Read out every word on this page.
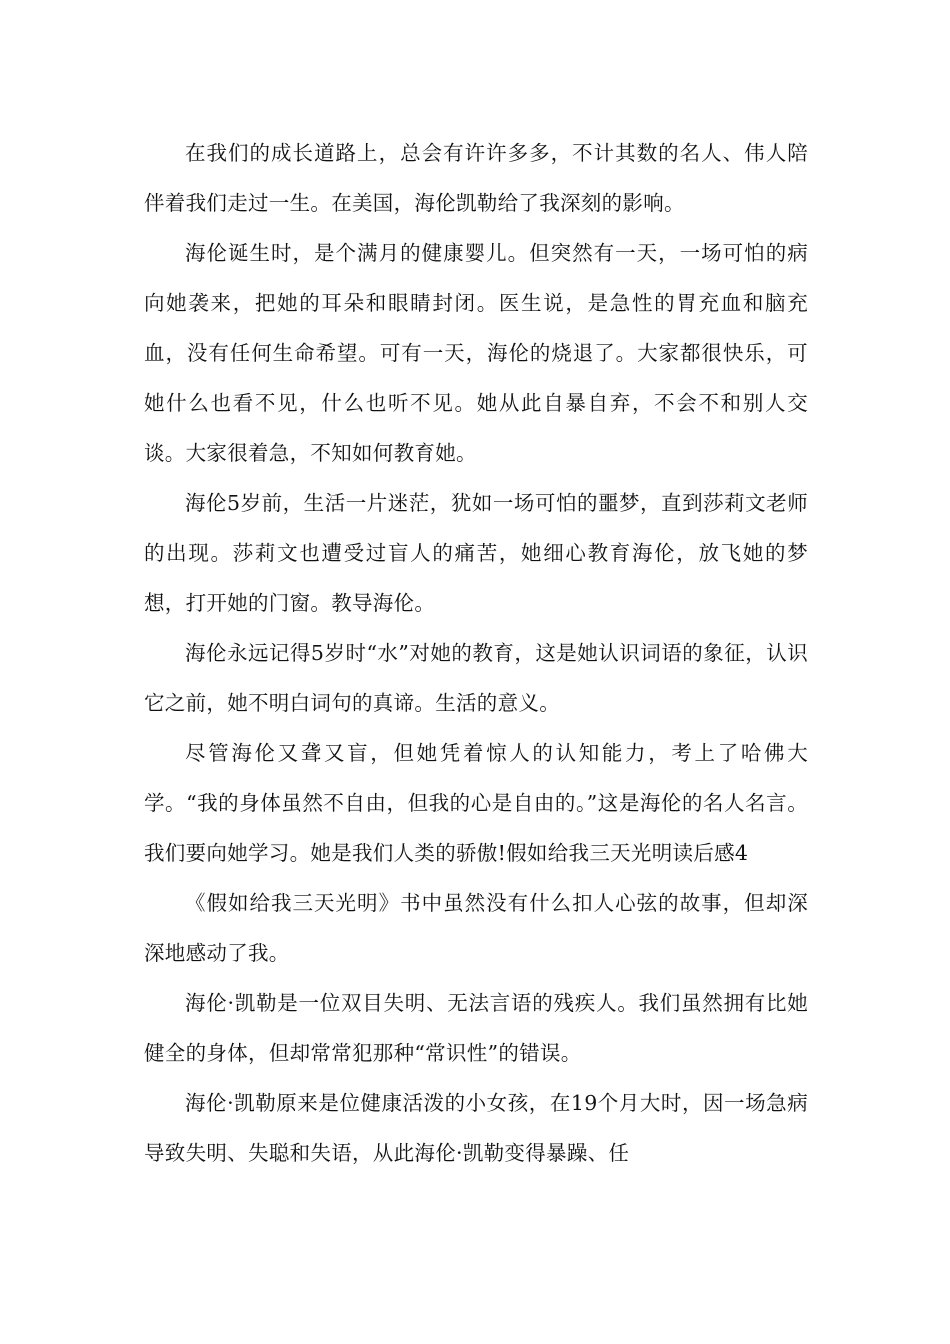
在我们的成长道路上，总会有许许多多，不计其数的名人、伟人陪伴着我们走过一生。在美国，海伦凯勒给了我深刻的影响。

海伦诞生时，是个满月的健康婴儿。但突然有一天，一场可怕的病向她袭来，把她的耳朵和眼睛封闭。医生说，是急性的胃充血和脑充血，没有任何生命希望。可有一天，海伦的烧退了。大家都很快乐，可她什么也看不见，什么也听不见。她从此自暴自弃，不会不和别人交谈。大家很着急，不知如何教育她。

海伦5岁前，生活一片迷茫，犹如一场可怕的噩梦，直到莎莉文老师的出现。莎莉文也遭受过盲人的痛苦，她细心教育海伦，放飞她的梦想，打开她的门窗。教导海伦。

海伦永远记得5岁时“水”对她的教育，这是她认识词语的象征，认识它之前，她不明白词句的真谛。生活的意义。

尽管海伦又聋又盲，但她凭着惊人的认知能力，考上了哈佛大学。“我的身体虽然不自由，但我的心是自由的。”这是海伦的名人名言。我们要向她学习。她是我们人类的骄傲!假如给我三天光明读后感4

《假如给我三天光明》书中虽然没有什么扣人心弦的故事，但却深深地感动了我。

海伦·凯勒是一位双目失明、无法言语的残疾人。我们虽然拥有比她健全的身体，但却常常犯那种“常识性”的错误。

海伦·凯勒原来是位健康活泼的小女孩，在19个月大时，因一场急病导致失明、失聪和失语，从此海伦·凯勒变得暴躁、任
